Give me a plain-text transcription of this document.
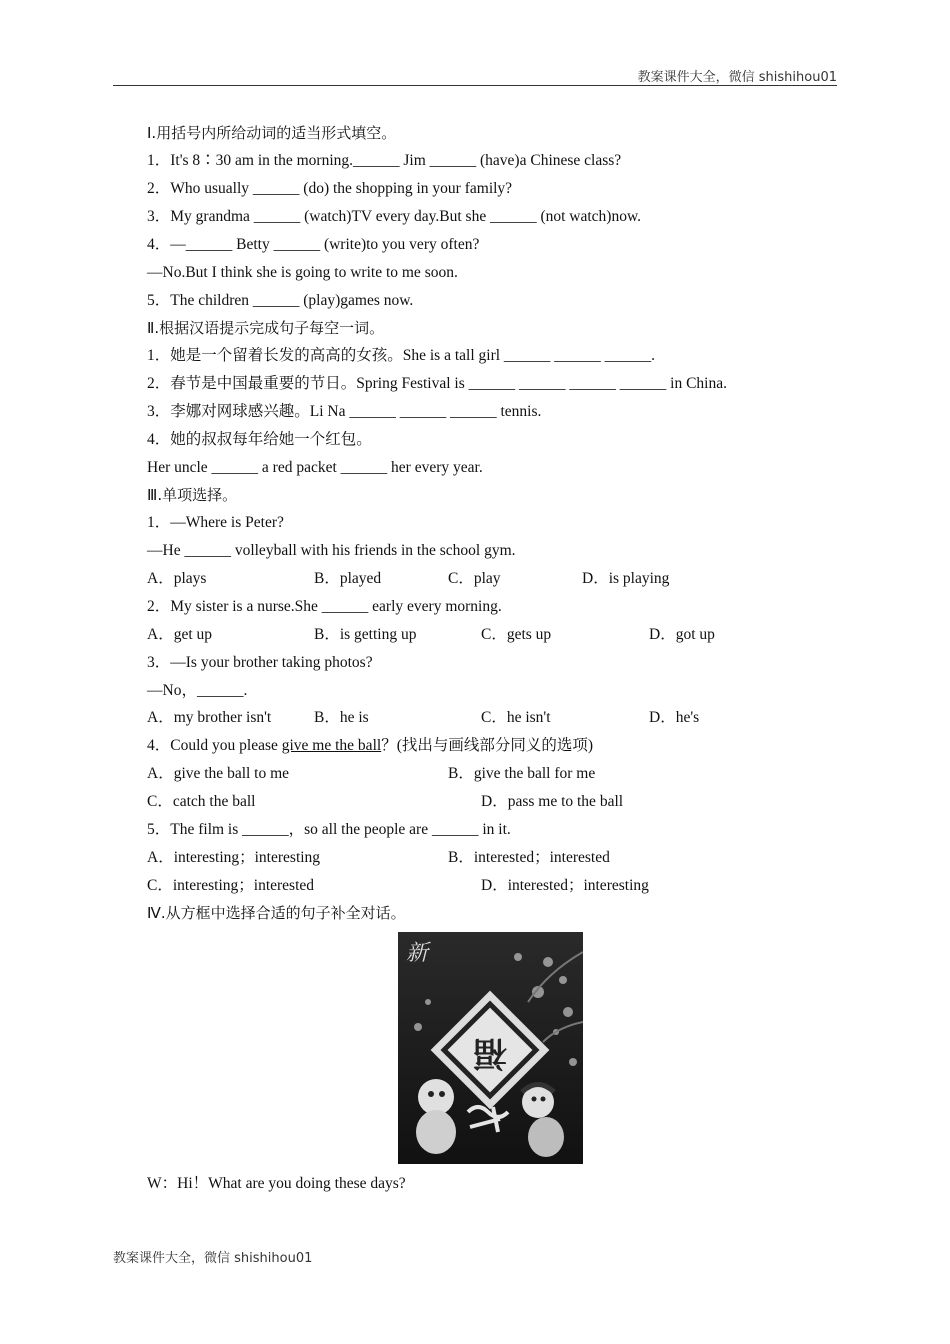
教案课件大全，微信 shishihou01
Ⅰ.用括号内所给动词的适当形式填空。
1．It's 8∶30 am in the morning.______ Jim ______ (have)a Chinese class?
2．Who usually ______ (do) the shopping in your family?
3．My grandma ______ (watch)TV every day.But she ______ (not watch)now.
4．—______ Betty ______ (write)to you very often?
—No.But I think she is going to write to me soon.
5．The children ______ (play)games now.
Ⅱ.根据汉语提示完成句子每空一词。
1．她是一个留着长发的高高的女孩。She is a tall girl ______ ______ ______.
2．春节是中国最重要的节日。Spring Festival is ______ ______ ______ ______ in China.
3．李娜对网球感兴趣。Li Na ______ ______ ______ tennis.
4．她的叔叔每年给她一个红包。
Her uncle ______ a red packet ______ her every year.
Ⅲ.单项选择。
1．—Where is Peter?
—He ______ volleyball with his friends in the school gym.
A．plays	B．played	C．play	D．is playing
2．My sister is a nurse.She ______ early every morning.
A．get up	B．is getting up	C．gets up	D．got up
3．—Is your brother taking photos?
—No，______.
A．my brother isn't	B．he is	C．he isn't	D．he's
4．Could you please give me the ball？(找出与画线部分同义的选项)
A．give the ball to me	B．give the ball for me
C．catch the ball	D．pass me to the ball
5．The film is ______，so all the people are ______ in it.
A．interesting；interesting	B．interested；interested
C．interesting；interested	D．interested；interesting
Ⅳ.从方框中选择合适的句子补全对话。
新
福
W：Hi！What are you doing these days?
教案课件大全，微信 shishihou01
